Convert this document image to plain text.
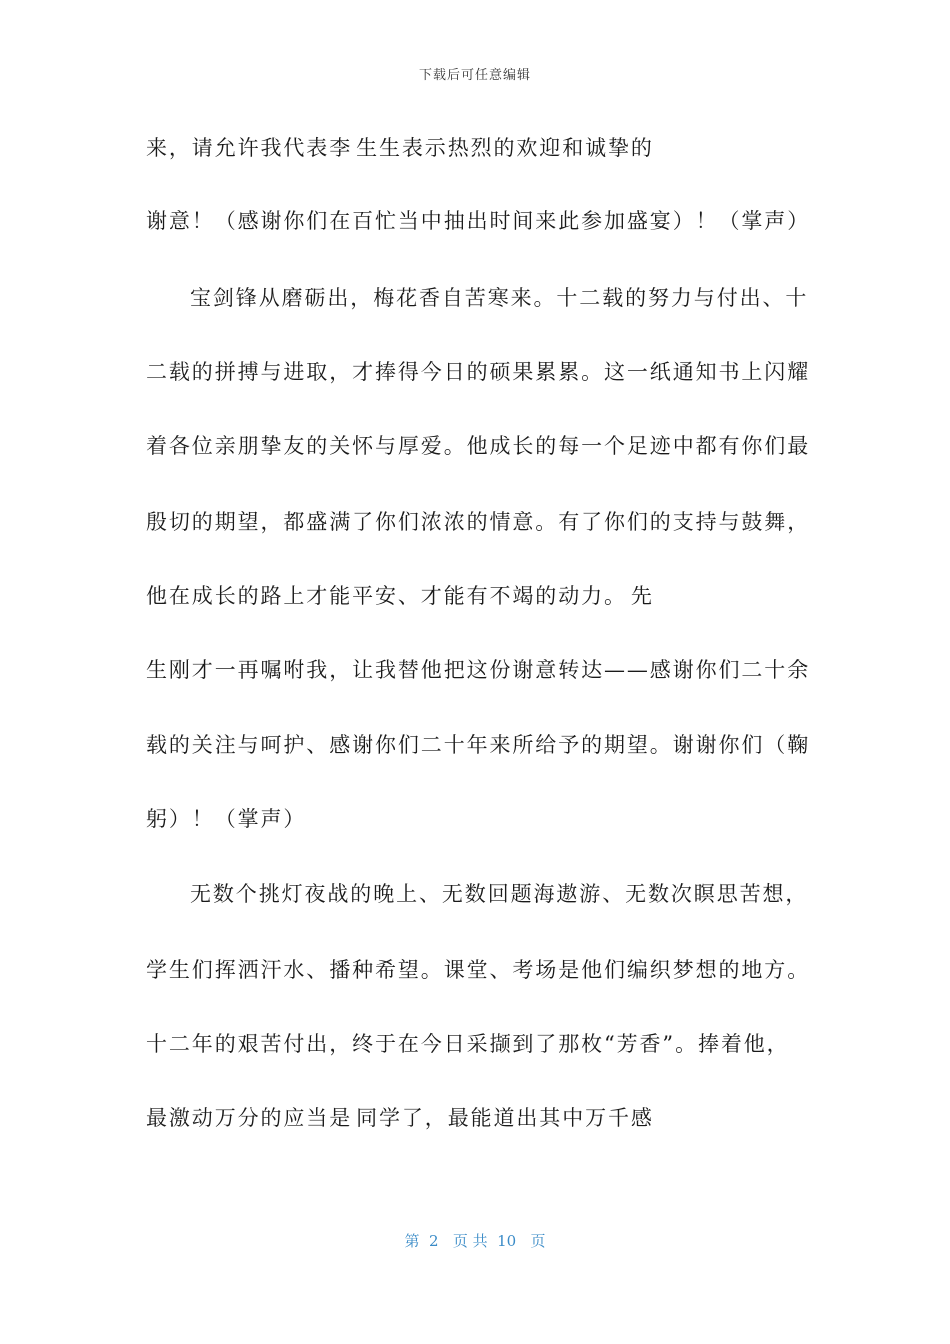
下载后可任意编辑
来，请允许我代表李 生生表示热烈的欢迎和诚挚的
谢意！（感谢你们在百忙当中抽出时间来此参加盛宴）！（掌声）
宝剑锋从磨砺出，梅花香自苦寒来。十二载的努力与付出、十
二载的拼搏与进取，才捧得今日的硕果累累。这一纸通知书上闪耀
着各位亲朋挚友的关怀与厚爱。他成长的每一个足迹中都有你们最
殷切的期望，都盛满了你们浓浓的情意。有了你们的支持与鼓舞，
他在成长的路上才能平安、才能有不竭的动力。 先
生刚才一再嘱咐我，让我替他把这份谢意转达——感谢你们二十余
载的关注与呵护、感谢你们二十年来所给予的期望。谢谢你们（鞠
躬）！（掌声）
无数个挑灯夜战的晚上、无数回题海遨游、无数次瞑思苦想，
学生们挥洒汗水、播种希望。课堂、考场是他们编织梦想的地方。
十二年的艰苦付出，终于在今日采撷到了那枚“芳香”。捧着他，
最激动万分的应当是 同学了，最能道出其中万千感
第  2   页 共  10   页
